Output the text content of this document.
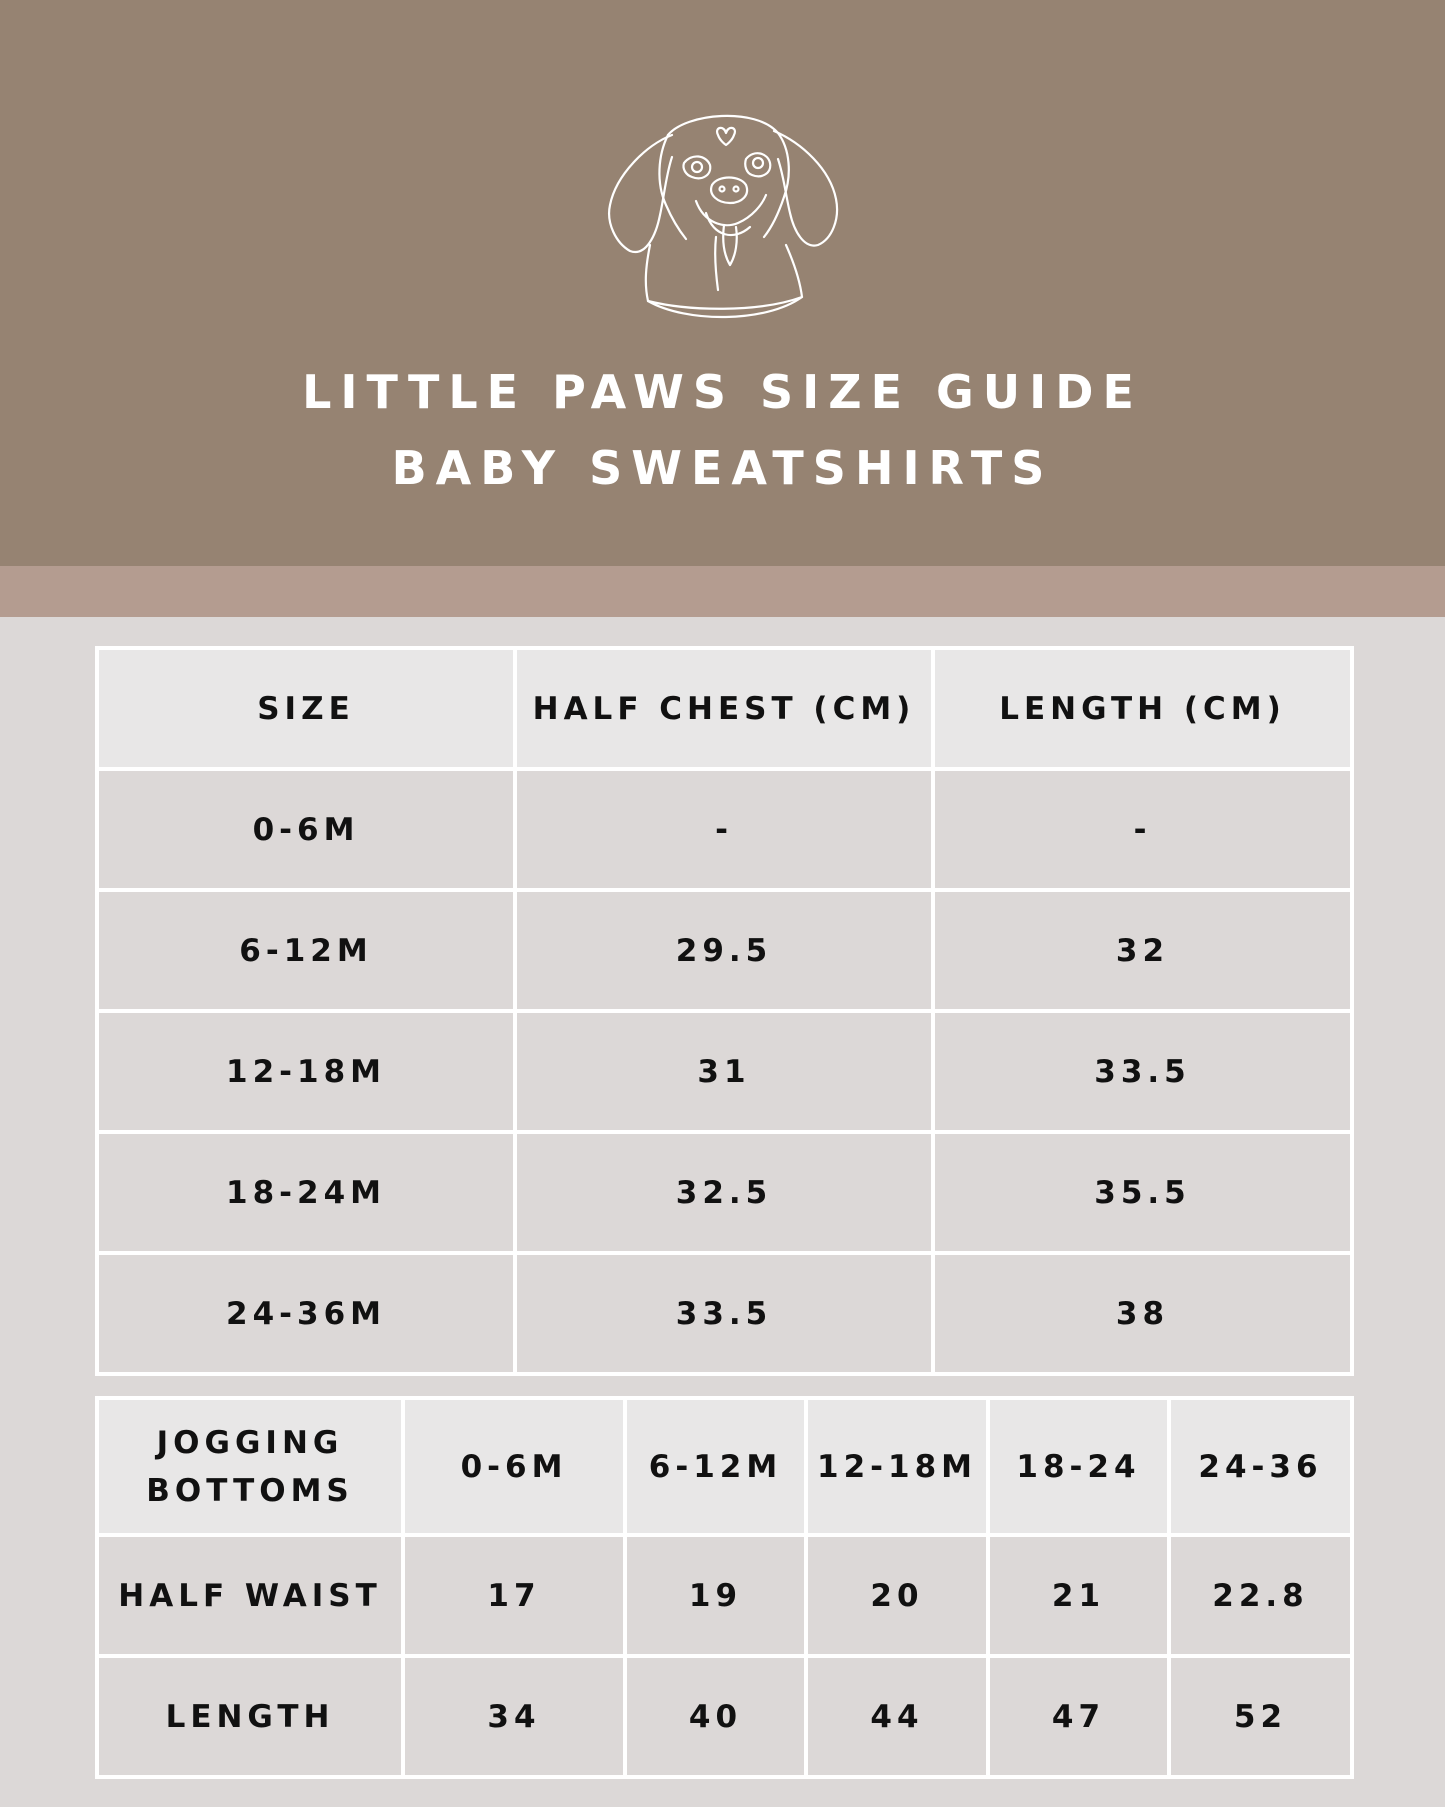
LITTLE PAWS SIZE GUIDE
BABY SWEATSHIRTS
SIZE	HALF CHEST (CM)	LENGTH (CM)
0-6M	-	-
6-12M	29.5	32
12-18M	31	33.5
18-24M	32.5	35.5
24-36M	33.5	38
JOGGING
BOTTOMS	0-6M	6-12M	12-18M	18-24	24-36
HALF WAIST	17	19	20	21	22.8
LENGTH	34	40	44	47	52
